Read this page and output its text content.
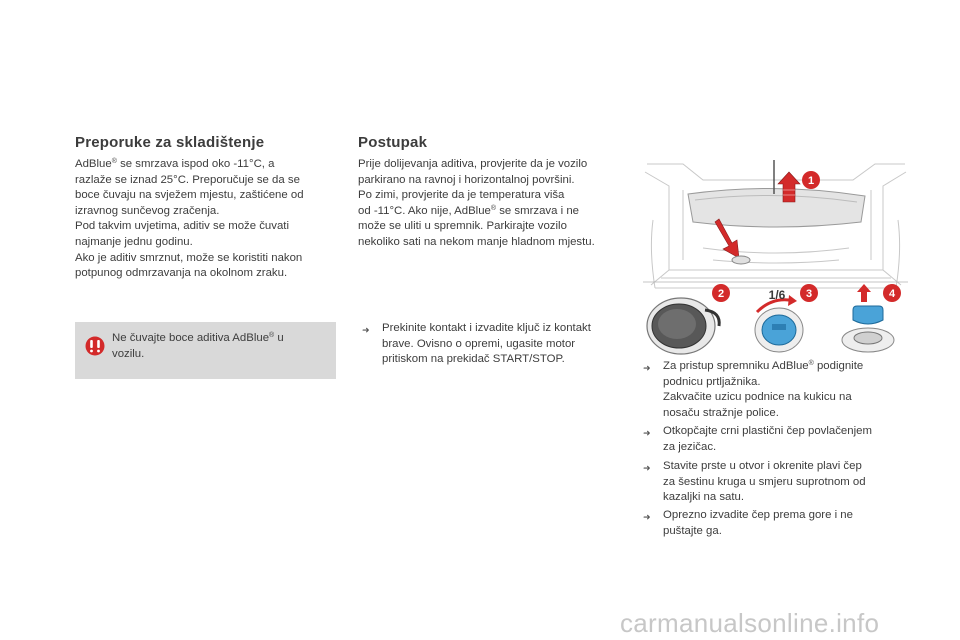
Preporuke za skladištenje

AdBlue® se smrzava ispod oko -11°C, a

razlaže se iznad 25°C. Preporučuje se da se

boce čuvaju na svježem mjestu, zaštićene od

izravnog sunčevog zračenja.

Pod takvim uvjetima, aditiv se može čuvati

najmanje jednu godinu.

Ako je aditiv smrznut, može se koristiti nakon

potpunog odmrzavanja na okolnom zraku.

Ne čuvajte boce aditiva AdBlue® u

vozilu.

Postupak

Prije dolijevanja aditiva, provjerite da je vozilo

parkirano na ravnoj i horizontalnoj površini.

Po zimi, provjerite da je temperatura viša

od -11°C. Ako nije, AdBlue® se smrzava i ne

može se uliti u spremnik. Parkirajte vozilo

nekoliko sati na nekom manje hladnom mjestu.

➜	Prekinite kontakt i izvadite ključ iz kontakt

brave. Ovisno o opremi, ugasite motor

pritiskom na prekidač START/STOP.

1
2	3	4
1/6
➜	Za pristup spremniku AdBlue® podignite

podnicu prtljažnika.

Zakvačite uzicu podnice na kukicu na

nosaču stražnje police.

➜	Otkopčajte crni plastični čep povlačenjem

za jezičac.

➜	Stavite prste u otvor i okrenite plavi čep

za šestinu kruga u smjeru suprotnom od

kazaljki na satu.

➜	Oprezno izvadite čep prema gore i ne

puštajte ga.

carmanualsonline.info
